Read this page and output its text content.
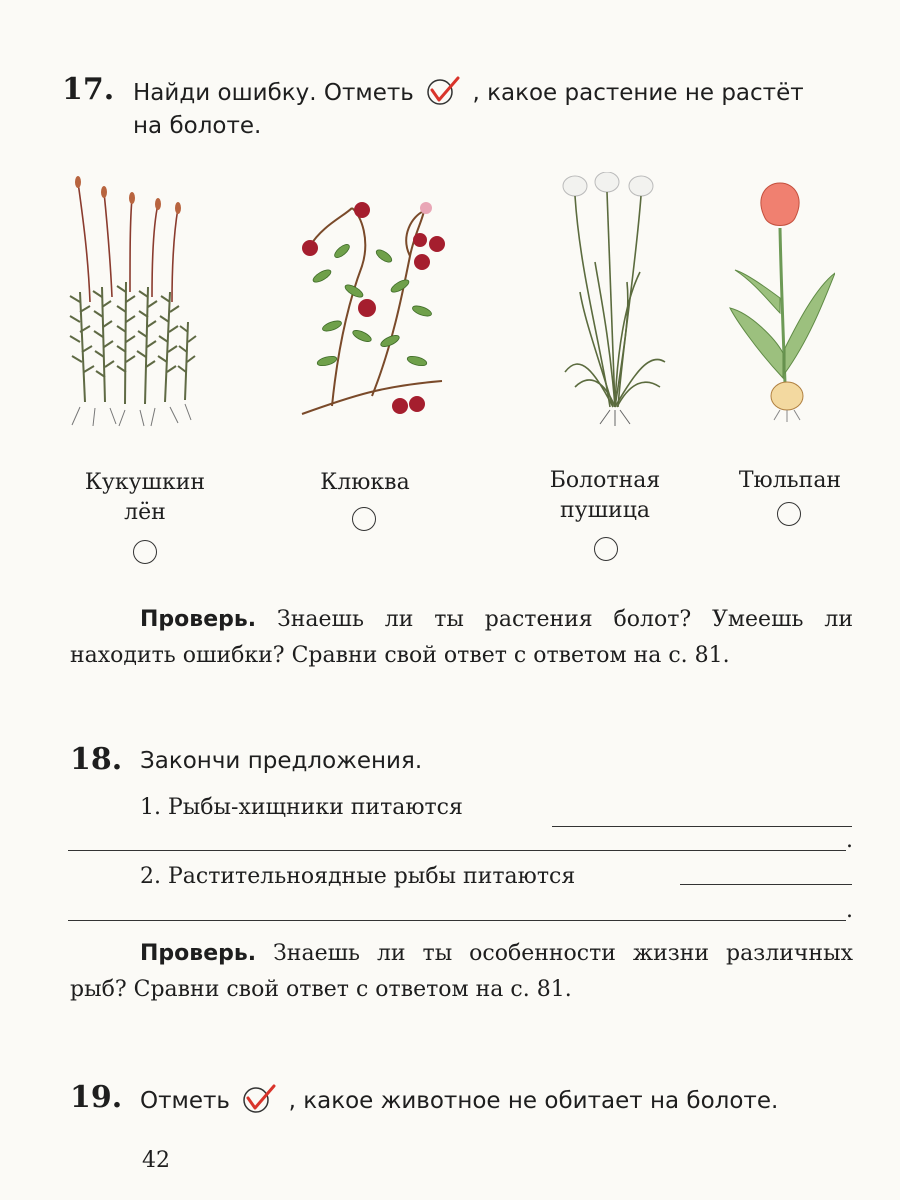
17. Найди ошибку. Отметь	, какое растение не растёт
на болоте.
Кукушкин
лён
Клюква	Болотная
пушица
Тюльпан
Проверь. Знаешь ли ты растения болот? Умеешь ли находить ошибки? Сравни свой ответ с ответом на с. 81.
18. Закончи предложения.
1. Рыбы-хищники питаются
.
2. Растительноядные рыбы питаются
.
Проверь. Знаешь ли ты особенности жизни различных рыб? Сравни свой ответ с ответом на с. 81.
19. Отметь	, какое животное не обитает на болоте.
42
